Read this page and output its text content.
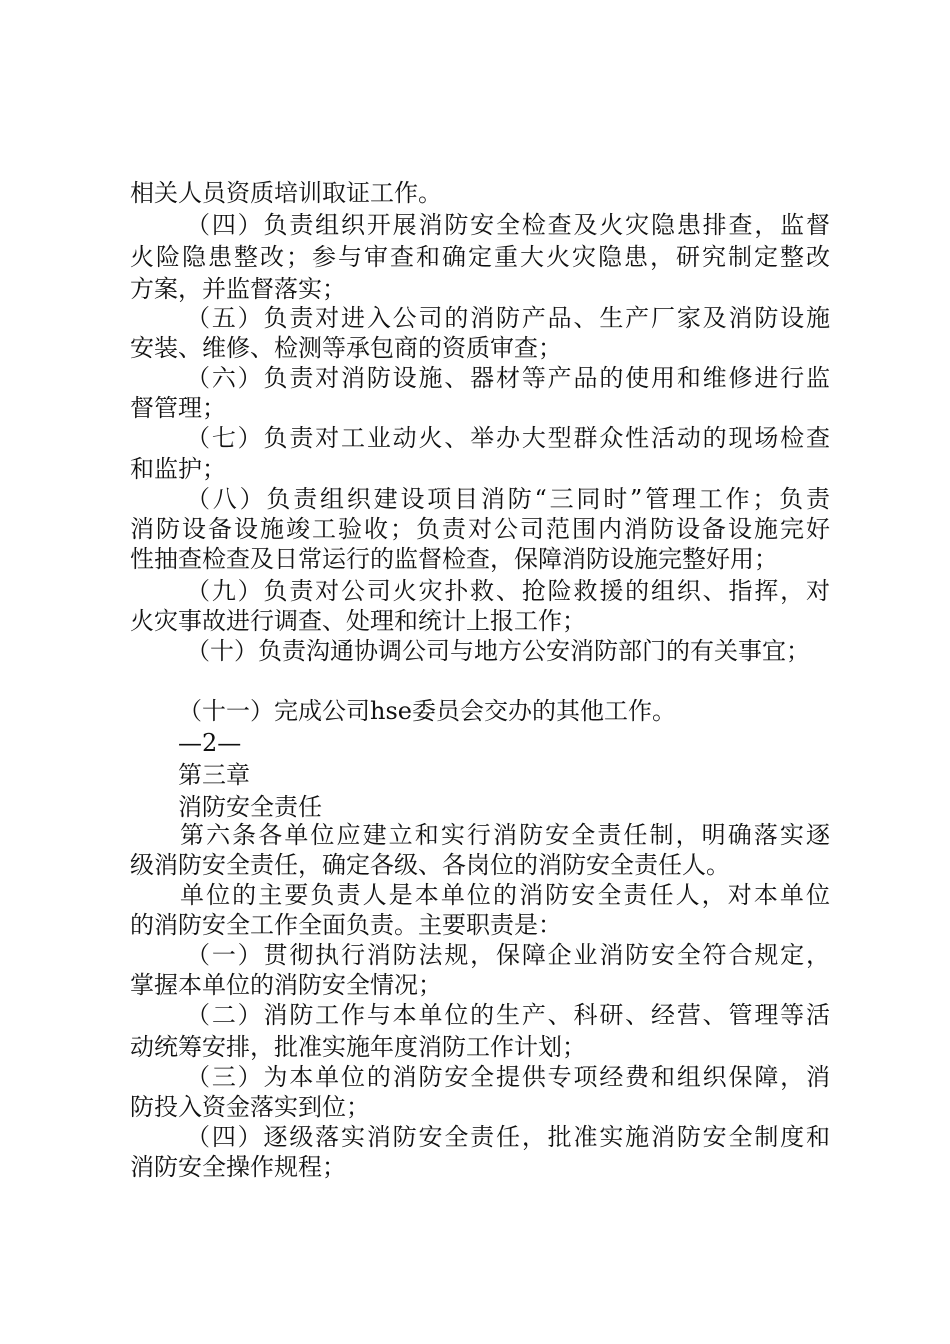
相关人员资质培训取证工作。
（四）负责组织开展消防安全检查及火灾隐患排查，监督
火险隐患整改；参与审查和确定重大火灾隐患，研究制定整改
方案，并监督落实；
（五）负责对进入公司的消防产品、生产厂家及消防设施
安装、维修、检测等承包商的资质审查；
（六）负责对消防设施、器材等产品的使用和维修进行监
督管理；
（七）负责对工业动火、举办大型群众性活动的现场检查
和监护；
（八）负责组织建设项目消防“三同时”管理工作；负责
消防设备设施竣工验收；负责对公司范围内消防设备设施完好
性抽查检查及日常运行的监督检查，保障消防设施完整好用；
（九）负责对公司火灾扑救、抢险救援的组织、指挥，对
火灾事故进行调查、处理和统计上报工作；
（十）负责沟通协调公司与地方公安消防部门的有关事宜；
（十一）完成公司hse委员会交办的其他工作。
—2—
第三章
消防安全责任
第六条各单位应建立和实行消防安全责任制，明确落实逐
级消防安全责任，确定各级、各岗位的消防安全责任人。
单位的主要负责人是本单位的消防安全责任人，对本单位
的消防安全工作全面负责。主要职责是：
（一）贯彻执行消防法规，保障企业消防安全符合规定，
掌握本单位的消防安全情况；
（二）消防工作与本单位的生产、科研、经营、管理等活
动统筹安排，批准实施年度消防工作计划；
（三）为本单位的消防安全提供专项经费和组织保障，消
防投入资金落实到位；
（四）逐级落实消防安全责任，批准实施消防安全制度和
消防安全操作规程；
